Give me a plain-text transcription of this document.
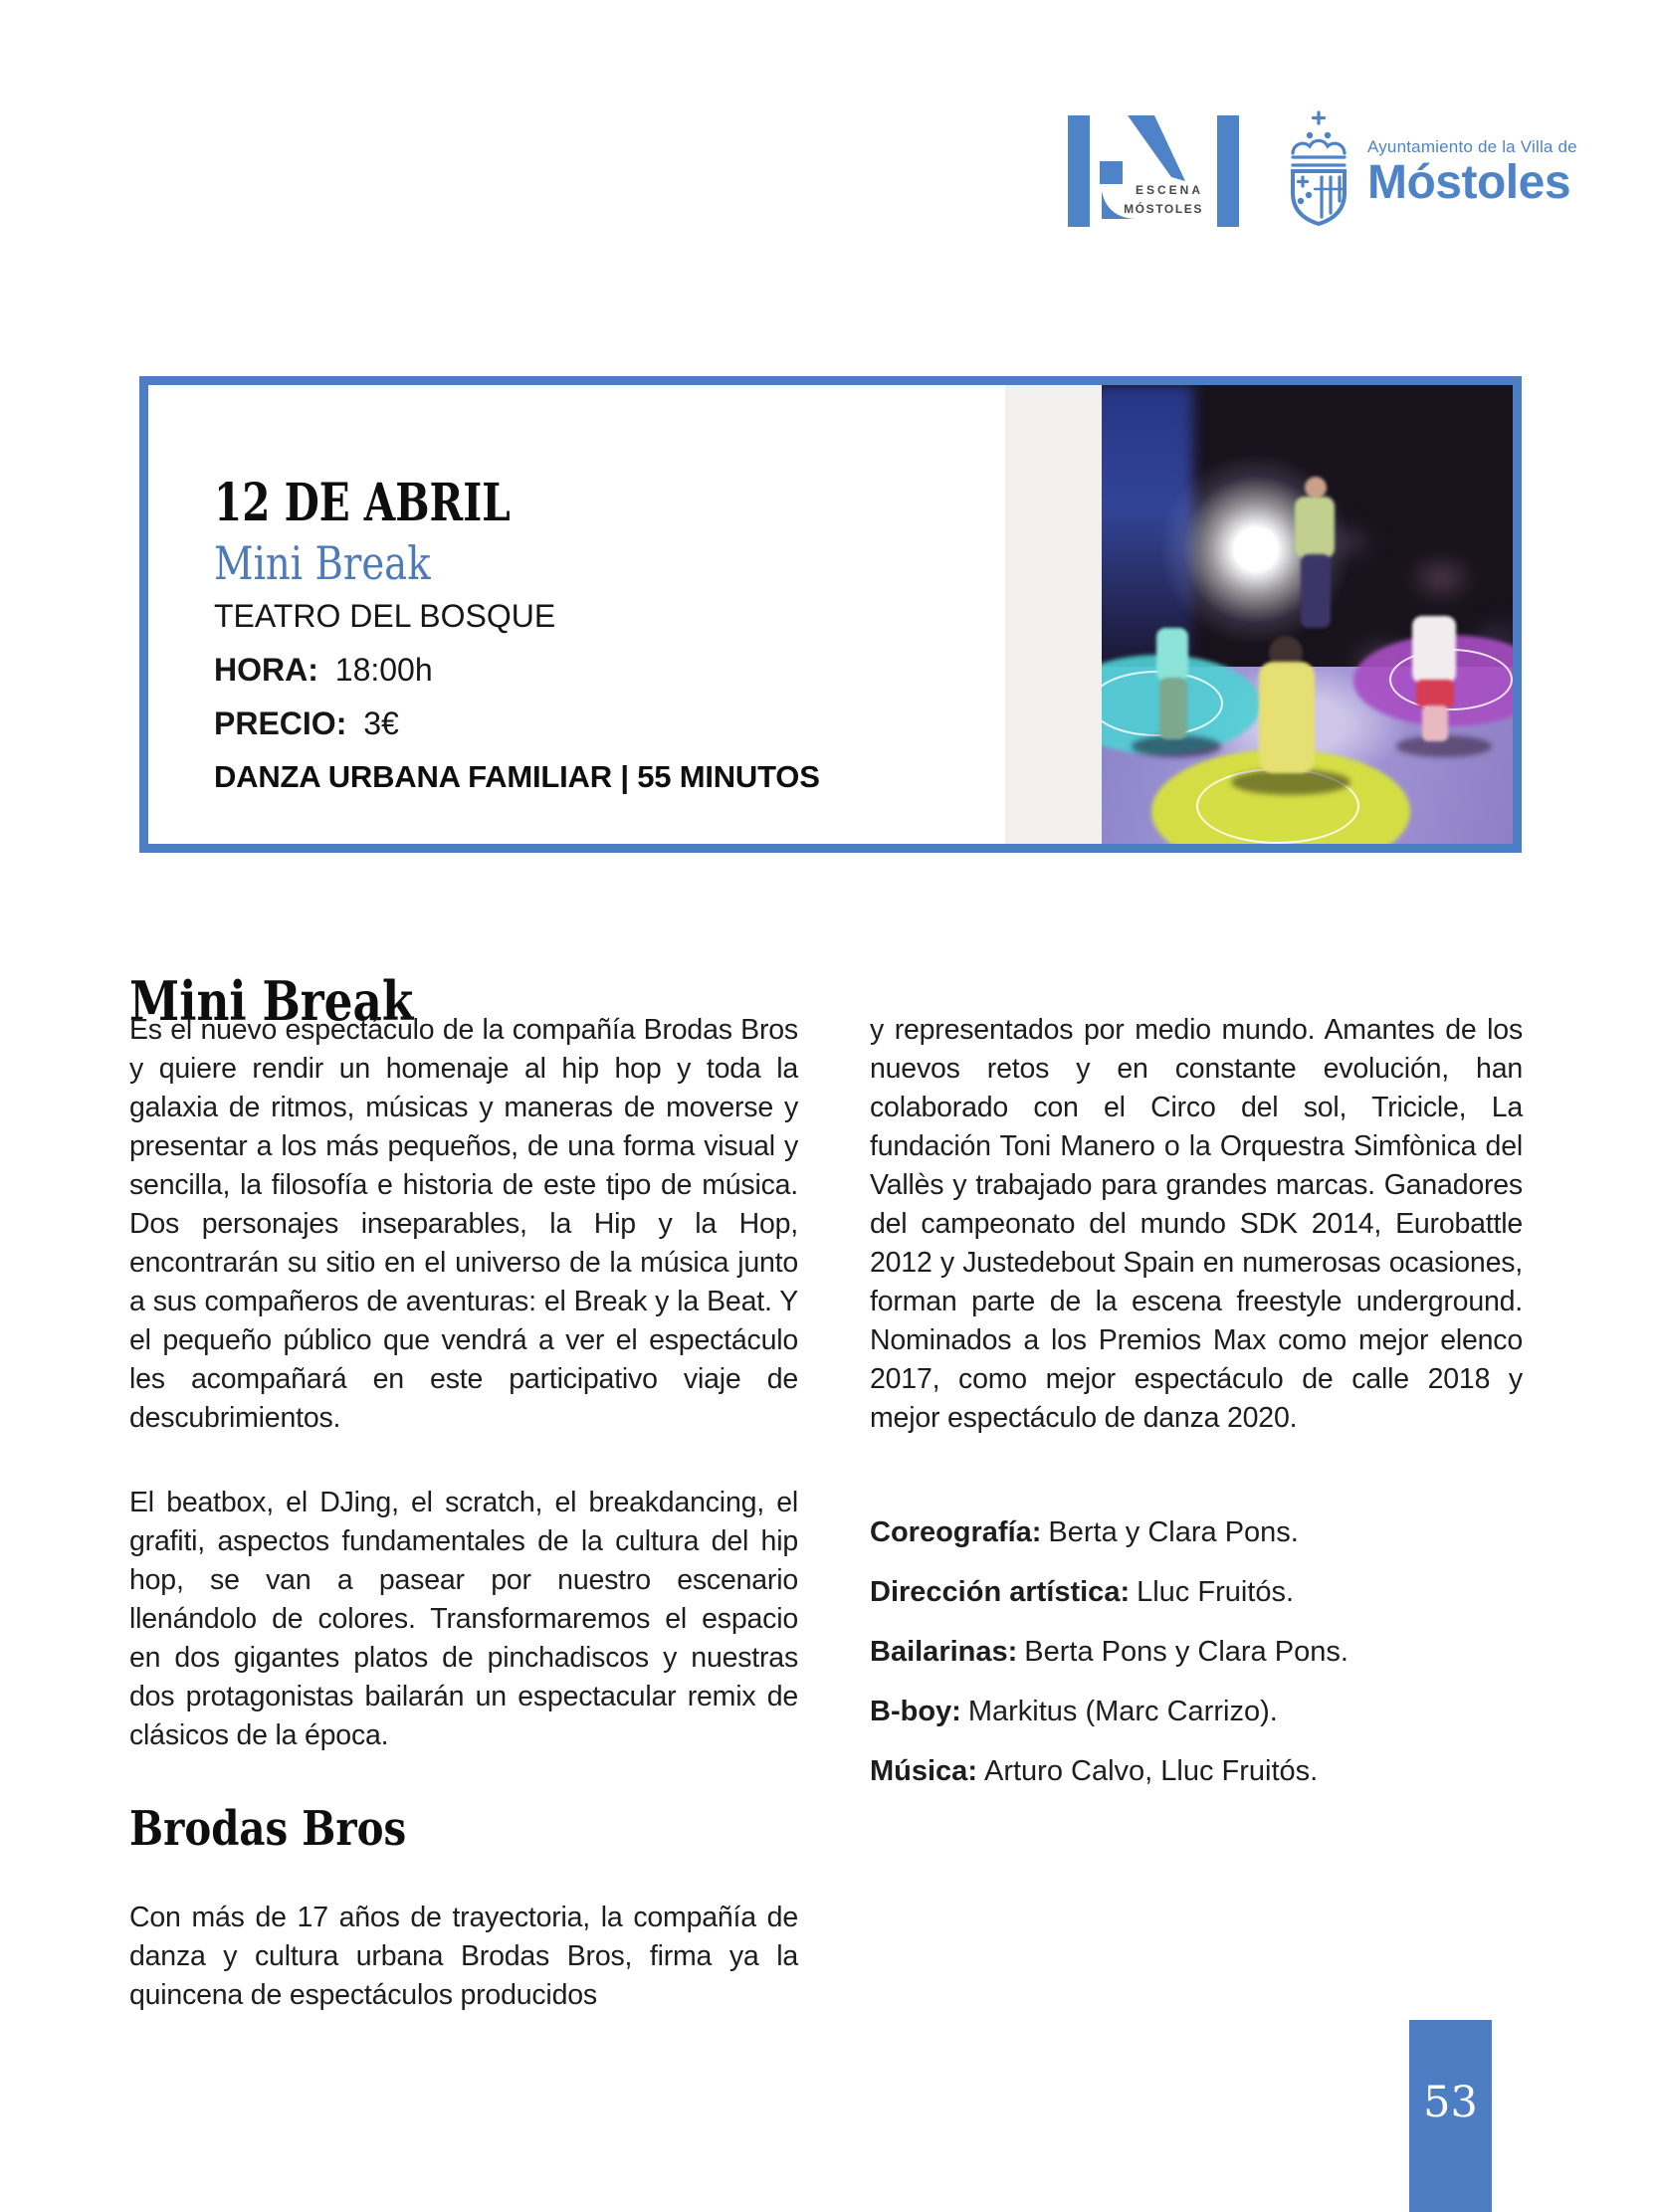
ESCENA
MÓSTOLES
Ayuntamiento de la Villa de
Móstoles
12 DE ABRIL
Mini Break
TEATRO DEL BOSQUE
HORA: 18:00h
PRECIO: 3€
DANZA URBANA FAMILIAR | 55 MINUTOS
Mini Break

Es el nuevo espectáculo de la compañía Brodas Bros y quiere rendir un homenaje al hip hop y toda la galaxia de ritmos, músicas y maneras de moverse y presentar a los más pequeños, de una forma visual y sencilla, la filosofía e historia de este tipo de música. Dos personajes inseparables, la Hip y la Hop, encontrarán su sitio en el universo de la música junto a sus compañeros de aventuras: el Break y la Beat. Y el pequeño público que vendrá a ver el espectáculo les acompañará en este participativo viaje de descubrimientos.

El beatbox, el DJing, el scratch, el breakdancing, el grafiti, aspectos fundamentales de la cultura del hip hop, se van a pasear por nuestro escenario llenándolo de colores. Transformaremos el espacio en dos gigantes platos de pinchadiscos y nuestras dos protagonistas bailarán un espectacular remix de clásicos de la época.

Brodas Bros

Con más de 17 años de trayectoria, la compañía de danza y cultura urbana Brodas Bros, firma ya la quincena de espectáculos producidos

y representados por medio mundo. Amantes de los nuevos retos y en constante evolución, han colaborado con el Circo del sol, Tricicle, La fundación Toni Manero o la Orquestra Simfònica del Vallès y trabajado para grandes marcas. Ganadores del campeonato del mundo SDK 2014, Eurobattle 2012 y Justedebout Spain en numerosas ocasiones, forman parte de la escena freestyle underground. Nominados a los Premios Max como mejor elenco 2017, como mejor espectáculo de calle 2018 y mejor espectáculo de danza 2020.

Coreografía: Berta y Clara Pons.
Dirección artística: Lluc Fruitós.
Bailarinas: Berta Pons y Clara Pons.
B-boy: Markitus (Marc Carrizo).
Música: Arturo Calvo, Lluc Fruitós.
53
